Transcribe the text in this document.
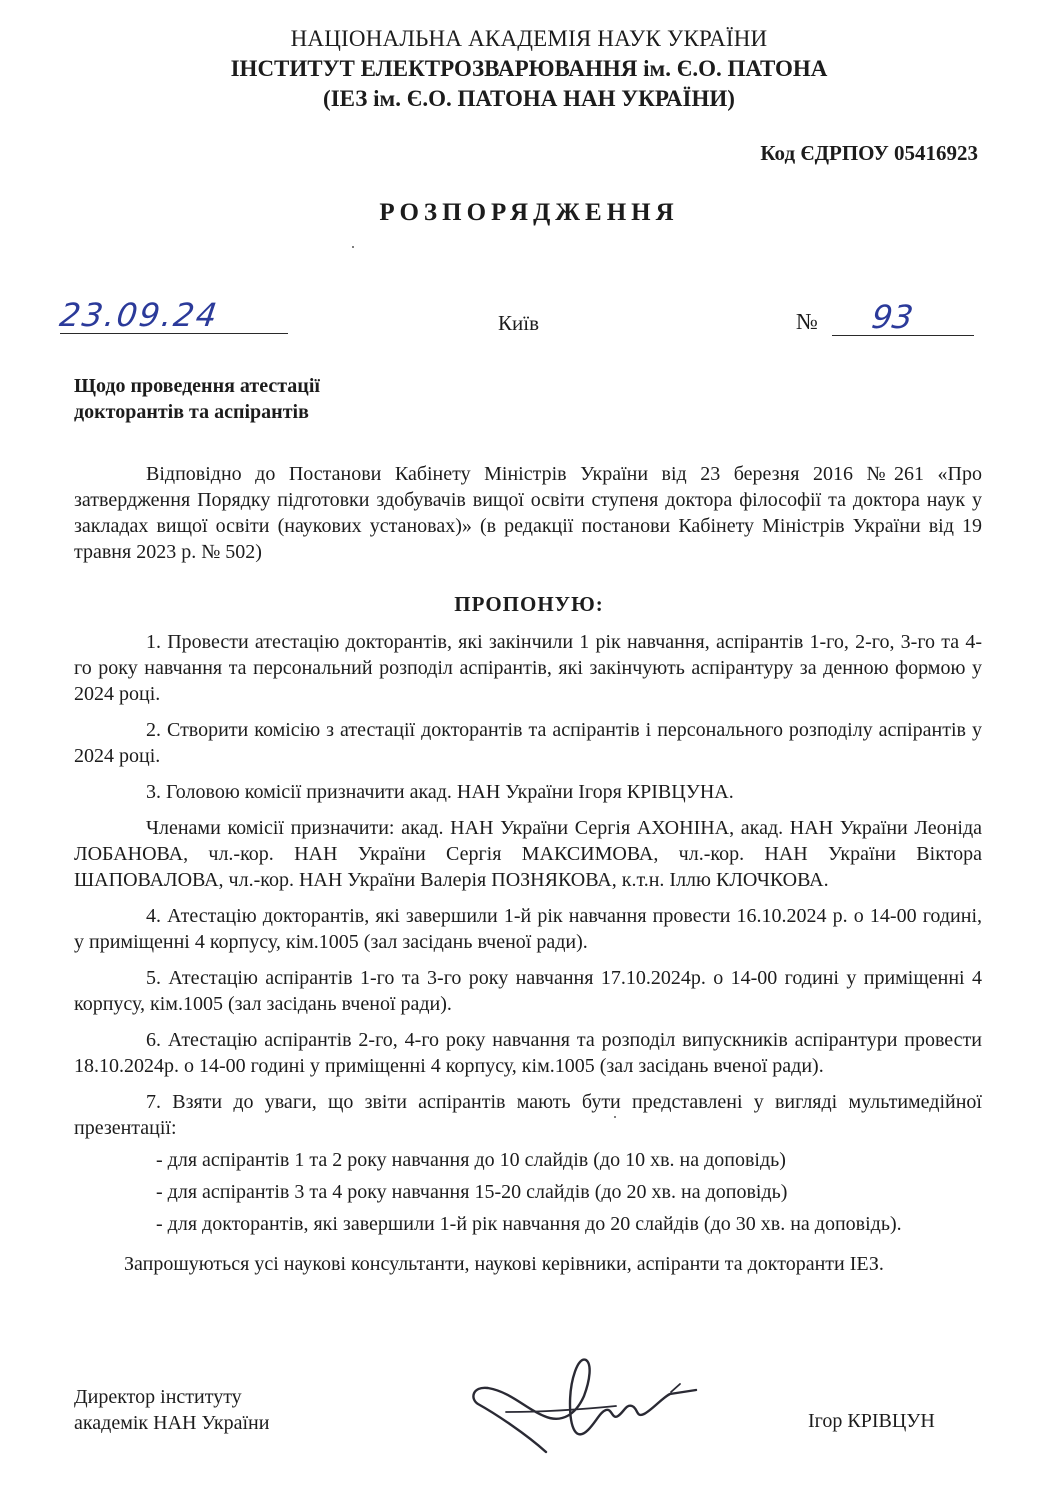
НАЦІОНАЛЬНА АКАДЕМІЯ НАУК УКРАЇНИ
ІНСТИТУТ ЕЛЕКТРОЗВАРЮВАННЯ ім. Є.О. ПАТОНА
(ІЕЗ ім. Є.О. ПАТОНА НАН УКРАЇНИ)
Код ЄДРПОУ 05416923
РОЗПОРЯДЖЕННЯ
23.09.24	Київ	№ 93
Щодо проведення атестації
докторантів та аспірантів

Відповідно до Постанови Кабінету Міністрів України від 23 березня 2016 №261 «Про затвердження Порядку підготовки здобувачів вищої освіти ступеня доктора філософії та доктора наук у закладах вищої освіти (наукових установах)» (в редакції постанови Кабінету Міністрів України від 19 травня 2023 р. № 502)

ПРОПОНУЮ:

1. Провести атестацію докторантів, які закінчили 1 рік навчання, аспірантів 1-го, 2-го, 3-го та 4-го року навчання та персональний розподіл аспірантів, які закінчують аспірантуру за денною формою у 2024 році.

2. Створити комісію з атестації докторантів та аспірантів і персонального розподілу аспірантів у 2024 році.

3. Головою комісії призначити акад. НАН України Ігоря КРІВЦУНА.

Членами комісії призначити: акад. НАН України Сергія АХОНІНА, акад. НАН України Леоніда ЛОБАНОВА, чл.-кор. НАН України Сергія МАКСИМОВА, чл.-кор. НАН України Віктора ШАПОВАЛОВА, чл.-кор. НАН України Валерія ПОЗНЯКОВА, к.т.н. Іллю КЛОЧКОВА.

4. Атестацію докторантів, які завершили 1-й рік навчання провести 16.10.2024 р. о 14-00 годині, у приміщенні 4 корпусу, кім.1005 (зал засідань вченої ради).

5. Атестацію аспірантів 1-го та 3-го року навчання 17.10.2024р. о 14-00 годині у приміщенні 4 корпусу, кім.1005 (зал засідань вченої ради).

6. Атестацію аспірантів 2-го, 4-го року навчання та розподіл випускників аспірантури провести 18.10.2024р. о 14-00 годині у приміщенні 4 корпусу, кім.1005 (зал засідань вченої ради).

7. Взяти до уваги, що звіти аспірантів мають бути представлені у вигляді мультимедійної презентації:

- для аспірантів 1 та 2 року навчання до 10 слайдів (до 10 хв. на доповідь)

- для аспірантів 3 та 4 року навчання 15-20 слайдів (до 20 хв. на доповідь)

- для докторантів, які завершили 1-й рік навчання до 20 слайдів (до 30 хв. на доповідь).

Запрошуються усі наукові консультанти, наукові керівники, аспіранти та докторанти ІЕЗ.

Директор інституту
академік НАН України	Ігор КРІВЦУН
